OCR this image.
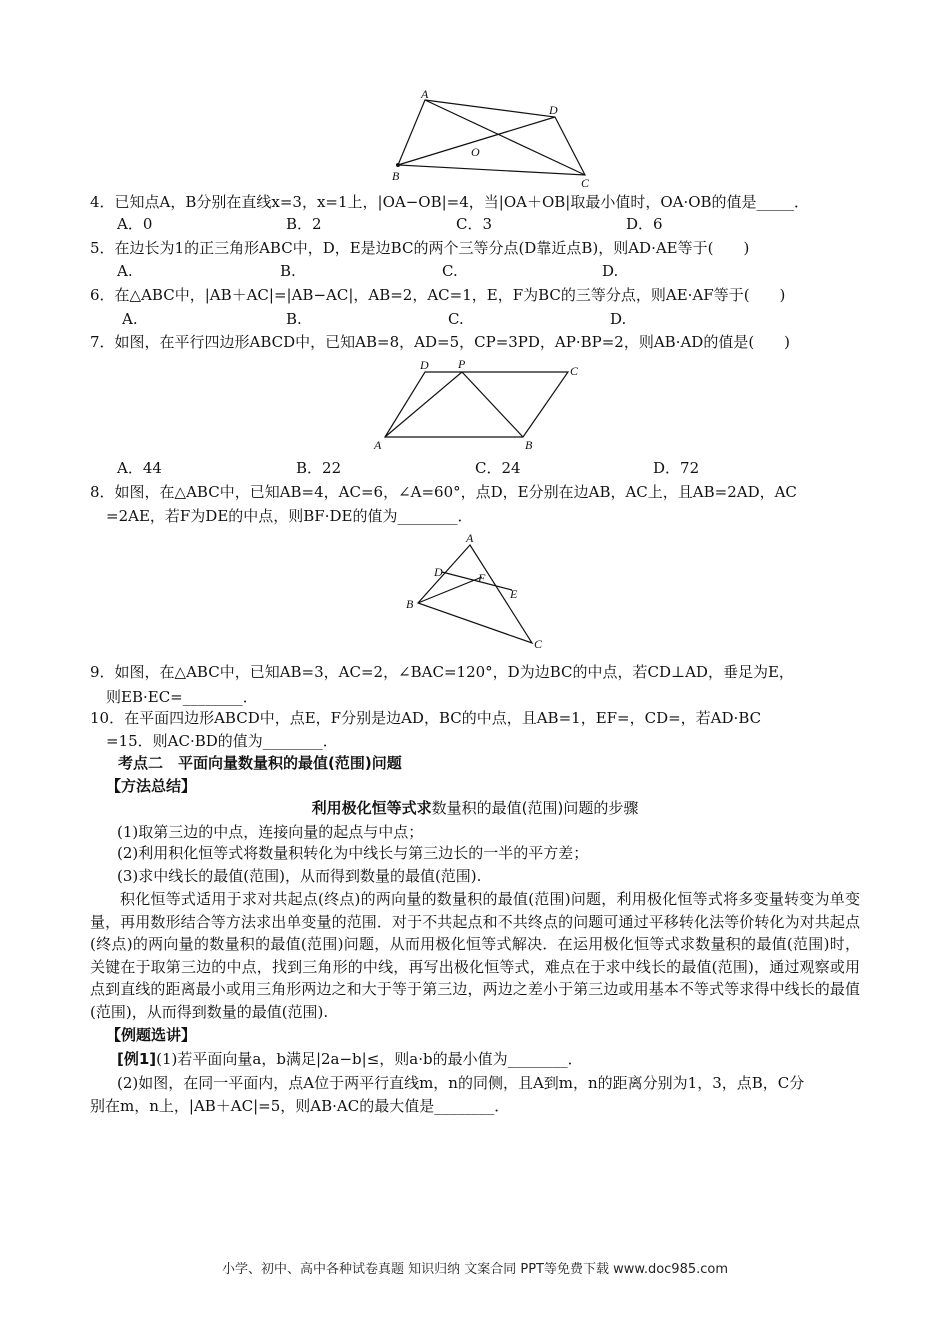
A
D
O
B	C
4．已知点A，B分别在直线x=3，x=1上，|OA−OB|=4，当|OA＋OB|取最小值时，OA·OB的值是_____．
A．0	B．2	C．3	D．6
5．在边长为1的正三角形ABC中，D，E是边BC的两个三等分点(D靠近点B)，则AD·AE等于(　　)
A.	B.	C.	D.
6．在△ABC中，|AB＋AC|=|AB−AC|，AB=2，AC=1，E，F为BC的三等分点，则AE·AF等于(　　)
A.	B.	C.	D.
7．如图，在平行四边形ABCD中，已知AB=8，AD=5，CP=3PD，AP·BP=2，则AB·AD的值是(　　)
D P	C
A	B
A．44	B．22	C．24	D．72
8．如图，在△ABC中，已知AB=4，AC=6，∠A=60°，点D，E分别在边AB，AC上，且AB=2AD，AC
=2AE，若F为DE的中点，则BF·DE的值为________．
A
D	F
E
B
C
9．如图，在△ABC中，已知AB=3，AC=2，∠BAC=120°，D为边BC的中点，若CD⊥AD，垂足为E，
则EB·EC=________．
10．在平面四边形ABCD中，点E，F分别是边AD，BC的中点，且AB=1，EF=，CD=，若AD·BC
=15．则AC·BD的值为________．
考点二　平面向量数量积的最值(范围)问题
【方法总结】
利用极化恒等式求数量积的最值(范围)问题的步骤
(1)取第三边的中点，连接向量的起点与中点；
(2)利用积化恒等式将数量积转化为中线长与第三边长的一半的平方差；
(3)求中线长的最值(范围)，从而得到数量的最值(范围).
积化恒等式适用于求对共起点(终点)的两向量的数量积的最值(范围)问题，利用极化恒等式将多变量转变为单变量，再用数形结合等方法求出单变量的范围．对于不共起点和不共终点的问题可通过平移转化法等价转化为对共起点(终点)的两向量的数量积的最值(范围)问题，从而用极化恒等式解决．在运用极化恒等式求数量积的最值(范围)时，关键在于取第三边的中点，找到三角形的中线，再写出极化恒等式，难点在于求中线长的最值(范围)，通过观察或用点到直线的距离最小或用三角形两边之和大于等于第三边，两边之差小于第三边或用基本不等式等求得中线长的最值(范围)，从而得到数量的最值(范围).
【例题选讲】
[例1](1)若平面向量a，b满足|2a−b|≤，则a·b的最小值为________．
(2)如图，在同一平面内，点A位于两平行直线m，n的同侧，且A到m，n的距离分别为1，3，点B，C分
别在m，n上，|AB＋AC|=5，则AB·AC的最大值是________．
小学、初中、高中各种试卷真题 知识归纳 文案合同 PPT等免费下载 www.doc985.com
